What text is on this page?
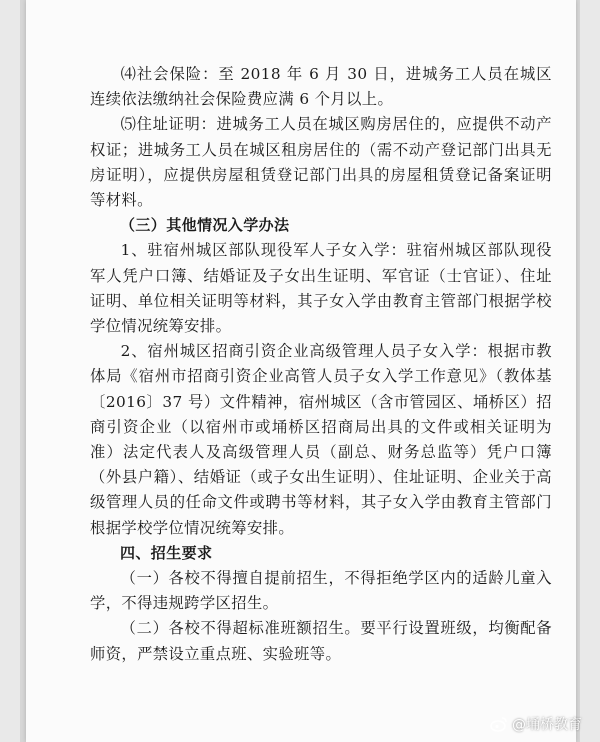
⑷社会保险：至 2018 年 6 月 30 日，进城务工人员在城区连续依法缴纳社会保险费应满 6 个月以上。

⑸住址证明：进城务工人员在城区购房居住的，应提供不动产权证；进城务工人员在城区租房居住的（需不动产登记部门出具无房证明），应提供房屋租赁登记部门出具的房屋租赁登记备案证明等材料。

（三）其他情况入学办法

1、驻宿州城区部队现役军人子女入学：驻宿州城区部队现役军人凭户口簿、结婚证及子女出生证明、军官证（士官证）、住址证明、单位相关证明等材料，其子女入学由教育主管部门根据学校学位情况统筹安排。

2、宿州城区招商引资企业高级管理人员子女入学：根据市教体局《宿州市招商引资企业高管人员子女入学工作意见》（教体基〔2016〕37 号）文件精神，宿州城区（含市管园区、埇桥区）招商引资企业（以宿州市或埇桥区招商局出具的文件或相关证明为准）法定代表人及高级管理人员（副总、财务总监等）凭户口簿（外县户籍）、结婚证（或子女出生证明）、住址证明、企业关于高级管理人员的任命文件或聘书等材料，其子女入学由教育主管部门根据学校学位情况统筹安排。

四、招生要求

（一）各校不得擅自提前招生，不得拒绝学区内的适龄儿童入学，不得违规跨学区招生。

（二）各校不得超标准班额招生。要平行设置班级，均衡配备师资，严禁设立重点班、实验班等。

@埇桥教育
